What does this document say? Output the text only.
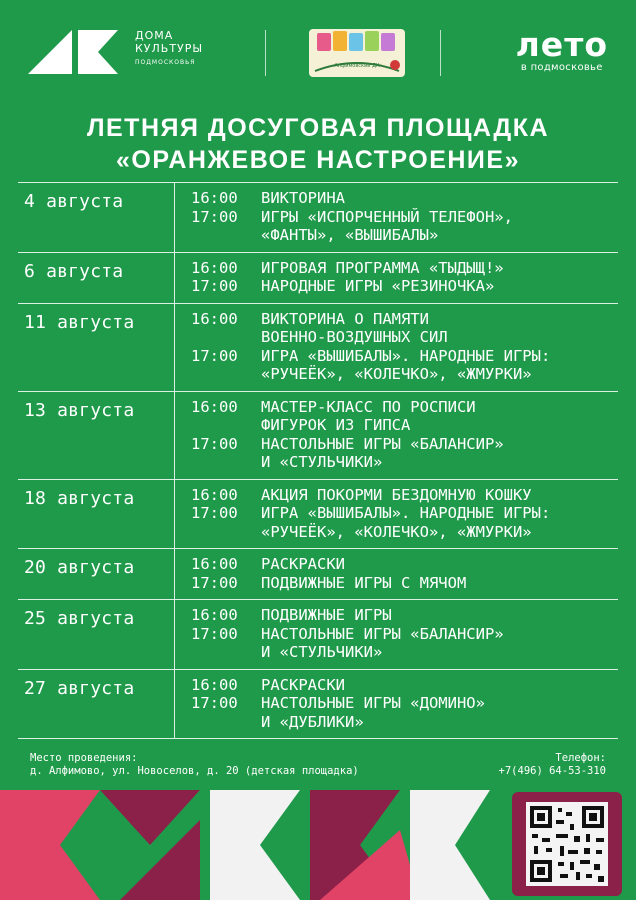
ДОМА
КУЛЬТУРЫ
ПОДМОСКОВЬЯ	Алфимовский ДК
лето
в подмосковье
ЛЕТНЯЯ ДОСУГОВАЯ ПЛОЩАДКА
«ОРАНЖЕВОЕ НАСТРОЕНИЕ»
4 августа	16:00	ВИКТОРИНА
17:00	ИГРЫ «ИСПОРЧЕННЫЙ ТЕЛЕФОН»,
«ФАНТЫ», «ВЫШИБАЛЫ»
6 августа	16:00	ИГРОВАЯ ПРОГРАММА «ТЫДЫЩ!»
17:00	НАРОДНЫЕ ИГРЫ «РЕЗИНОЧКА»
11 августа	16:00	ВИКТОРИНА О ПАМЯТИ
ВОЕННО-ВОЗДУШНЫХ СИЛ
17:00	ИГРА «ВЫШИБАЛЫ». НАРОДНЫЕ ИГРЫ:
«РУЧЕЁК», «КОЛЕЧКО», «ЖМУРКИ»
13 августа	16:00	МАСТЕР-КЛАСС ПО РОСПИСИ
ФИГУРОК ИЗ ГИПСА
17:00	НАСТОЛЬНЫЕ ИГРЫ «БАЛАНСИР»
И «СТУЛЬЧИКИ»
18 августа	16:00	АКЦИЯ ПОКОРМИ БЕЗДОМНУЮ КОШКУ
17:00	ИГРА «ВЫШИБАЛЫ». НАРОДНЫЕ ИГРЫ:
«РУЧЕЁК», «КОЛЕЧКО», «ЖМУРКИ»
20 августа	16:00	РАСКРАСКИ
17:00	ПОДВИЖНЫЕ ИГРЫ С МЯЧОМ
25 августа	16:00	ПОДВИЖНЫЕ ИГРЫ
17:00	НАСТОЛЬНЫЕ ИГРЫ «БАЛАНСИР»
И «СТУЛЬЧИКИ»
27 августа	16:00	РАСКРАСКИ
17:00	НАСТОЛЬНЫЕ ИГРЫ «ДОМИНО»
И «ДУБЛИКИ»
Место проведения:
д. Алфимово, ул. Новоселов, д. 20 (детская площадка)
Телефон:
+7(496) 64-53-310
